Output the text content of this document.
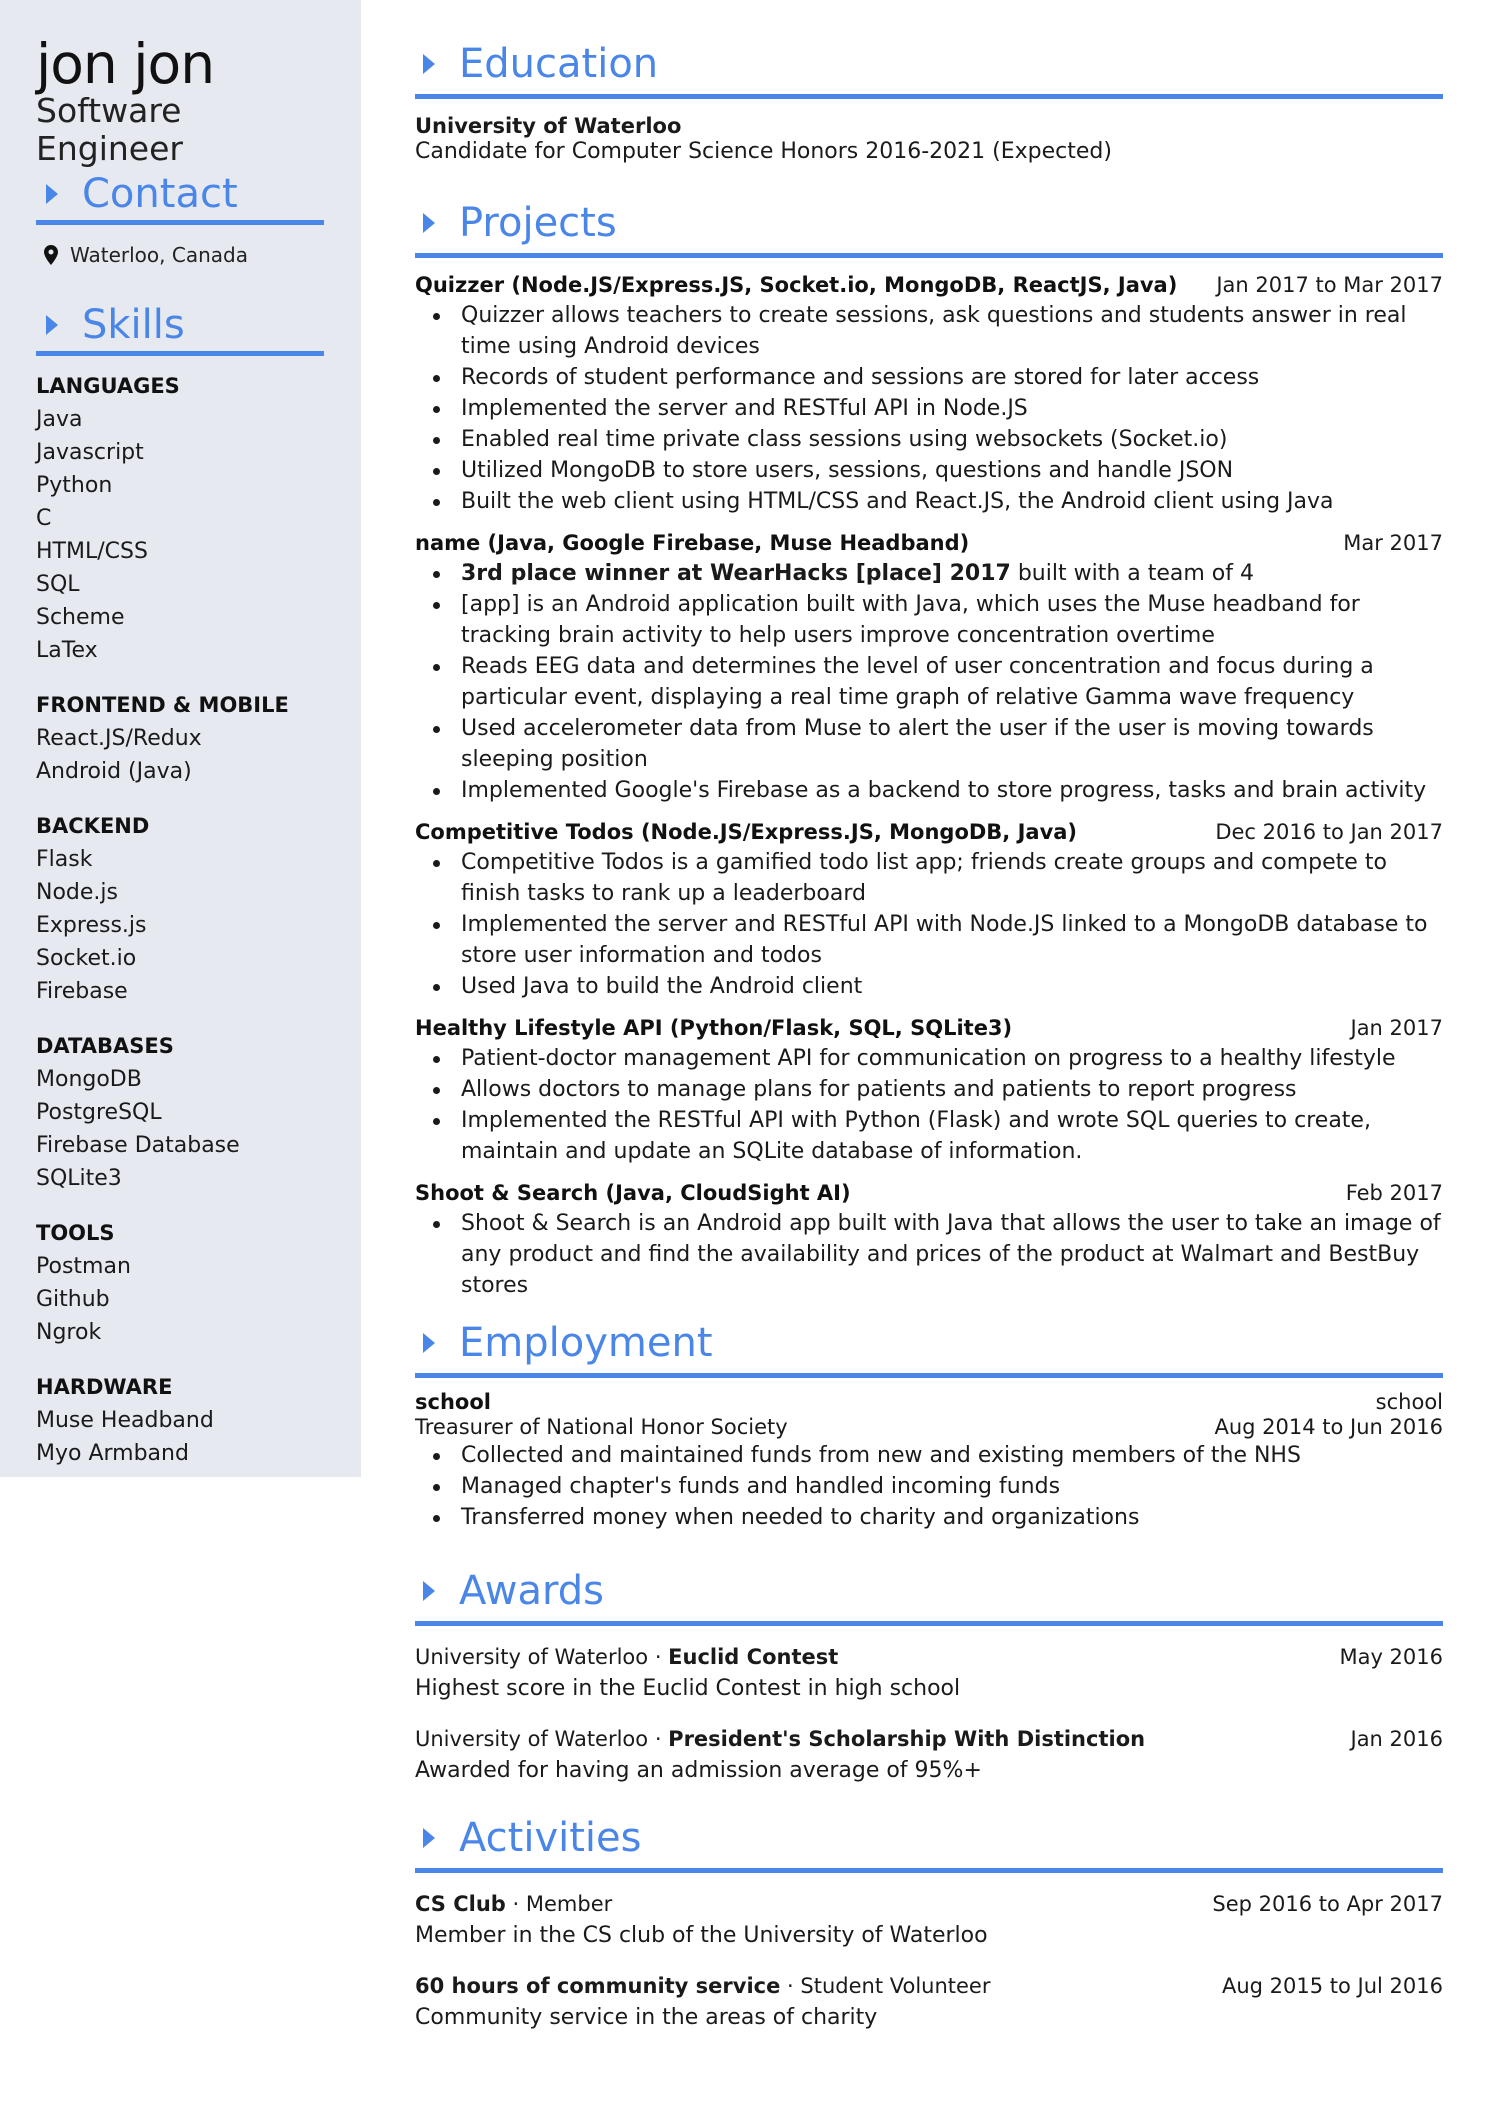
jon jon
Software Engineer
Contact
Waterloo, Canada
Skills
LANGUAGES
Java
Javascript
Python
C
HTML/CSS
SQL
Scheme
LaTex
FRONTEND & MOBILE
React.JS/Redux
Android (Java)
BACKEND
Flask
Node.js
Express.js
Socket.io
Firebase
DATABASES
MongoDB
PostgreSQL
Firebase Database
SQLite3
TOOLS
Postman
Github
Ngrok
HARDWARE
Muse Headband
Myo Armband
Education
University of Waterloo
Candidate for Computer Science Honors 2016-2021 (Expected)
Projects
Quizzer (Node.JS/Express.JS, Socket.io, MongoDB, ReactJS, Java) Jan 2017 to Mar 2017
Quizzer allows teachers to create sessions, ask questions and students answer in real time using Android devices
Records of student performance and sessions are stored for later access
Implemented the server and RESTful API in Node.JS
Enabled real time private class sessions using websockets (Socket.io)
Utilized MongoDB to store users, sessions, questions and handle JSON
Built the web client using HTML/CSS and React.JS, the Android client using Java
name (Java, Google Firebase, Muse Headband)	Mar 2017
3rd place winner at WearHacks [place] 2017 built with a team of 4
[app] is an Android application built with Java, which uses the Muse headband for tracking brain activity to help users improve concentration overtime
Reads EEG data and determines the level of user concentration and focus during a particular event, displaying a real time graph of relative Gamma wave frequency
Used accelerometer data from Muse to alert the user if the user is moving towards sleeping position
Implemented Google's Firebase as a backend to store progress, tasks and brain activity
Competitive Todos (Node.JS/Express.JS, MongoDB, Java)	Dec 2016 to Jan 2017
Competitive Todos is a gamified todo list app; friends create groups and compete to finish tasks to rank up a leaderboard
Implemented the server and RESTful API with Node.JS linked to a MongoDB database to store user information and todos
Used Java to build the Android client
Healthy Lifestyle API (Python/Flask, SQL, SQLite3)	Jan 2017
Patient-doctor management API for communication on progress to a healthy lifestyle
Allows doctors to manage plans for patients and patients to report progress
Implemented the RESTful API with Python (Flask) and wrote SQL queries to create, maintain and update an SQLite database of information.
Shoot & Search (Java, CloudSight AI)	Feb 2017
Shoot & Search is an Android app built with Java that allows the user to take an image of any product and find the availability and prices of the product at Walmart and BestBuy stores
Employment
school	school
Treasurer of National Honor Society	Aug 2014 to Jun 2016
Collected and maintained funds from new and existing members of the NHS
Managed chapter's funds and handled incoming funds
Transferred money when needed to charity and organizations
Awards
University of Waterloo · Euclid Contest	May 2016
Highest score in the Euclid Contest in high school
University of Waterloo · President's Scholarship With Distinction	Jan 2016
Awarded for having an admission average of 95%+
Activities
CS Club · Member	Sep 2016 to Apr 2017
Member in the CS club of the University of Waterloo
60 hours of community service · Student Volunteer	Aug 2015 to Jul 2016
Community service in the areas of charity
